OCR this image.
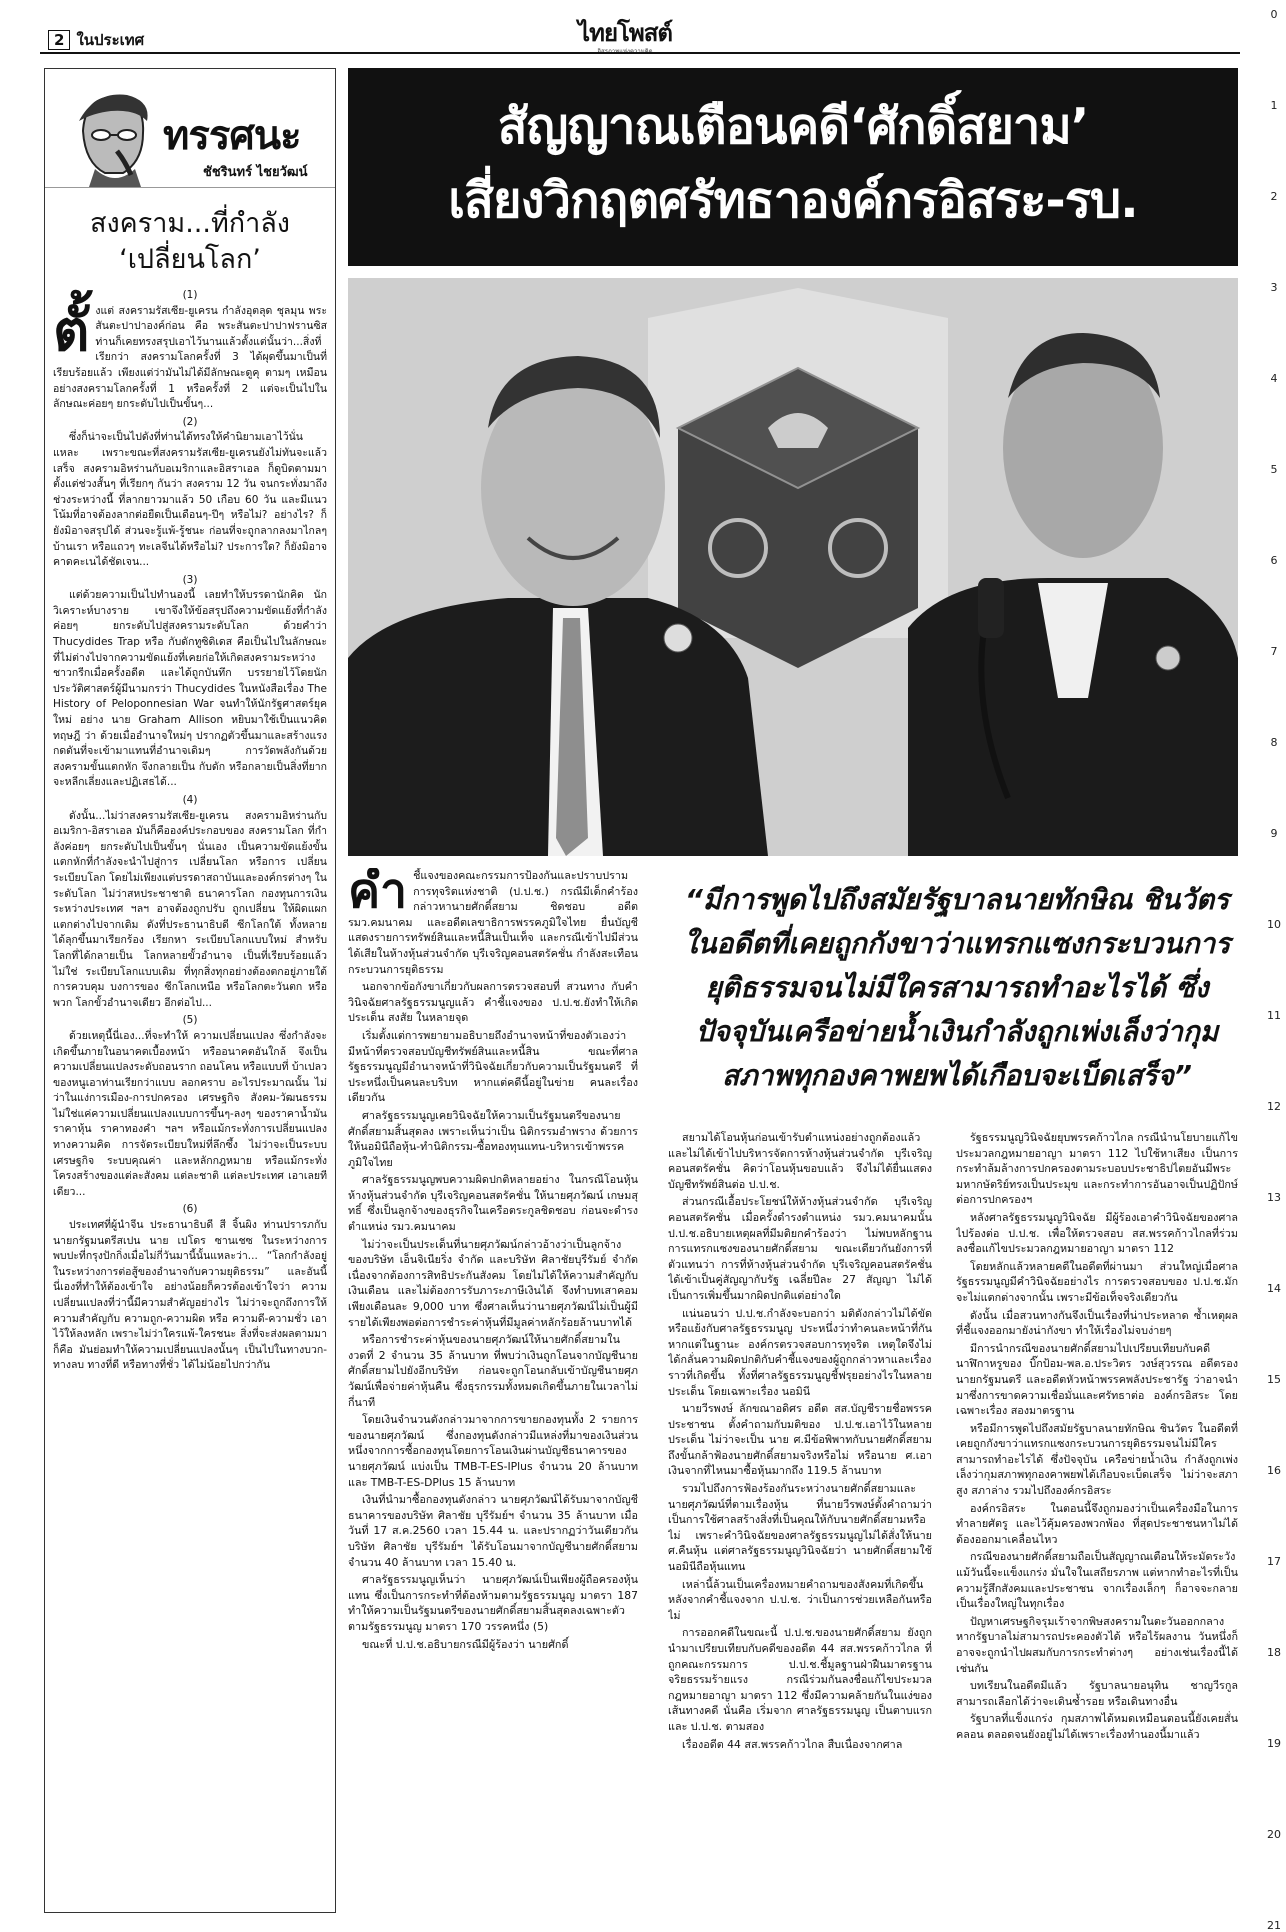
2 ในประเทศ	ไทยโพสต์
0
1
2
3
4
5
6
7
8
9
10
11
12
13
14
15
16
17
18
19
20
21
ทรรศนะ
ชัชรินทร์ ไชยวัฒน์
สงคราม...ที่กำลัง
‘เปลี่ยนโลก’
(1)

ตั้งแต่ สงครามรัสเซีย-ยูเครน กำลังอุตลุด ชุลมุน พระสันตะปาปาองค์ก่อน คือ พระสันตะปาปาฟรานซิส ท่านก็เคยทรงสรุปเอาไว้นานแล้วตั้งแต่นั้นว่า...สิ่งที่เรียกว่า สงครามโลกครั้งที่ 3 ได้ผุดขึ้นมาเป็นที่เรียบร้อยแล้ว เพียงแต่ว่ามันไม่ได้มีลักษณะดูคุ ตามๆ เหมือนอย่างสงครามโลกครั้งที่ 1 หรือครั้งที่ 2 แต่จะเป็นไปในลักษณะค่อยๆ ยกระดับไปเป็นขั้นๆ...

(2)

ซึ่งก็น่าจะเป็นไปดังที่ท่านได้ทรงให้คำนิยามเอาไว้นั่นแหละ เพราะขณะที่สงครามรัสเซีย-ยูเครนยังไม่ทันจะแล้วเสร็จ สงครามอิหร่านกับอเมริกาและอิสราเอล ก็ดูบิดตามมา ตั้งแต่ช่วงสั้นๆ ที่เรียกๆ กันว่า สงคราม 12 วัน จนกระทั่งมาถึงช่วงระหว่างนี้ ที่ลากยาวมาแล้ว 50 เกือบ 60 วัน และมีแนวโน้มที่อาจต้องลากต่อยืดเป็นเดือนๆ-ปีๆ หรือไม่? อย่างไร? ก็ยังมิอาจสรุปได้ ส่วนจะรู้แพ้-รู้ชนะ ก่อนที่จะถูกลากลงมาไกลๆ บ้านเรา หรือแถวๆ ทะเลจีนได้หรือไม่? ประการใด? ก็ยังมิอาจคาดคะเนได้ชัดเจน...

(3)

แต่ด้วยความเป็นไปทำนองนี้ เลยทำให้บรรดานักคิด นักวิเคราะห์บางราย เขาจึงให้ข้อสรุปถึงความขัดแย้งที่กำลังค่อยๆ ยกระดับไปสู่สงครามระดับโลก ด้วยคำว่า Thucydides Trap หรือ กับดักทูซิดิเดส คือเป็นไปในลักษณะที่ไม่ต่างไปจากความขัดแย้งที่เคยก่อให้เกิดสงครามระหว่างชาวกรีกเมื่อครั้งอดีต และได้ถูกบันทึก บรรยายไว้โดยนักประวัติศาสตร์ผู้มีนามกรว่า Thucydides ในหนังสือเรื่อง The History of Peloponnesian War จนทำให้นักรัฐศาสตร์ยุคใหม่ อย่าง นาย Graham Allison หยิบมาใช้เป็นแนวคิด ทฤษฎี ว่า ด้วยเมื่ออำนาจใหม่ๆ ปรากฏตัวขึ้นมาและสร้างแรงกดดันที่จะเข้ามาแทนที่อำนาจเดิมๆ การวัดพลังกันด้วย สงครามขั้นแตกหัก จึงกลายเป็น กับดัก หรือกลายเป็นสิ่งที่ยากจะหลีกเลี่ยงและปฏิเสธได้...

(4)

ดังนั้น...ไม่ว่าสงครามรัสเซีย-ยูเครน สงครามอิหร่านกับอเมริกา-อิสราเอล มันก็คือองค์ประกอบของ สงครามโลก ที่กำลังค่อยๆ ยกระดับไปเป็นขั้นๆ นั่นเอง เป็นความขัดแย้งขั้นแตกหักที่กำลังจะนำไปสู่การ เปลี่ยนโลก หรือการ เปลี่ยนระเบียบโลก โดยไม่เพียงแต่บรรดาสถาบันและองค์กรต่างๆ ในระดับโลก ไม่ว่าสหประชาชาติ ธนาคารโลก กองทุนการเงินระหว่างประเทศ ฯลฯ อาจต้องถูกปรับ ถูกเปลี่ยน ให้ผิดแผก แตกต่างไปจากเดิม ดังที่ประธานาธิบดี ซีกโลกใต้ ทั้งหลาย ได้ลุกขึ้นมาเรียกร้อง เรียกหา ระเบียบโลกแบบใหม่ สำหรับโลกที่ได้กลายเป็น โลกหลายขั้วอำนาจ เป็นที่เรียบร้อยแล้ว ไม่ใช่ ระเบียบโลกแบบเดิม ที่ทุกสิ่งทุกอย่างต้องตกอยู่ภายใต้การควบคุม บงการของ ซีกโลกเหนือ หรือโลกตะวันตก หรือพวก โลกขั้วอำนาจเดียว อีกต่อไป...

(5)

ด้วยเหตุนี้นี่เอง...ที่จะทำให้ ความเปลี่ยนแปลง ซึ่งกำลังจะเกิดขึ้นภายในอนาคตเบื้องหน้า หรืออนาคตอันใกล้ จึงเป็นความเปลี่ยนแปลงระดับถอนราก ถอนโคน หรือแบบที่ บ้าเปลว ของหนูเอาท่านเรียกว่าแบบ ลอกคราบ อะไรประมาณนั้น ไม่ว่าในแง่การเมือง-การปกครอง เศรษฐกิจ สังคม-วัฒนธรรม ไม่ใช่แค่ความเปลี่ยนแปลงแบบการขึ้นๆ-ลงๆ ของราคาน้ำมัน ราคาหุ้น ราคาทองคำ ฯลฯ หรือแม้กระทั่งการเปลี่ยนแปลงทางความคิด การจัดระเบียบใหม่ที่ลึกซึ้ง ไม่ว่าจะเป็นระบบเศรษฐกิจ ระบบคุณค่า และหลักกฎหมาย หรือแม้กระทั่งโครงสร้างของแต่ละสังคม แต่ละชาติ แต่ละประเทศ เอาเลยทีเดียว...

(6)

ประเทศที่ผู้นำจีน ประธานาธิบดี สี จิ้นผิง ท่านปรารภกับนายกรัฐมนตรีสเปน นาย เปโดร ซานเชซ ในระหว่างการพบปะที่กรุงปักกิ่งเมื่อไม่กี่วันมานี้นั้นแหละว่า... “โลกกำลังอยู่ในระหว่างการต่อสู้ของอำนาจกับความยุติธรรม” และอันนี้นี่เองที่ทำให้ต้องเข้าใจ อย่างน้อยก็ควรต้องเข้าใจว่า ความเปลี่ยนแปลงที่ว่านี้มีความสำคัญอย่างไร ไม่ว่าจะถูกถึงการให้ความสำคัญกับ ความถูก-ความผิด หรือ ความดี-ความชั่ว เอาไว้ให้ลงหลัก เพราะไม่ว่าใครแพ้-ใครชนะ สิ่งที่จะส่งผลตามมาก็คือ มันย่อมทำให้ความเปลี่ยนแปลงนั้นๆ เป็นไปในทางบวก-ทางลบ ทางที่ดี หรือทางที่ชั่ว ได้ไม่น้อยไปกว่ากัน

สัญญาณเตือนคดี‘ศักดิ์สยาม’
เสี่ยงวิกฤตศรัทธาองค์กรอิสระ-รบ.
“มีการพูดไปถึงสมัยรัฐบาลนายทักษิณ ชินวัตร ในอดีตที่เคยถูกกังขาว่าแทรกแซงกระบวนการยุติธรรมจนไม่มีใครสามารถทำอะไรได้ ซึ่งปัจจุบันเครือข่ายน้ำเงินกำลังถูกเพ่งเล็งว่ากุมสภาพทุกองคาพยพได้เกือบจะเบ็ดเสร็จ”
คำ ชี้แจงของคณะกรรมการป้องกันและปราบปรามการทุจริตแห่งชาติ (ป.ป.ช.) กรณีมีเด็กคำร้องกล่าวหานายศักดิ์สยาม ชิดชอบ อดีต รมว.คมนาคม และอดีตเลขาธิการพรรคภูมิใจไทย ยื่นบัญชีแสดงรายการทรัพย์สินและหนี้สินเป็นเท็จ และกรณีเข้าไปมีส่วนได้เสียในห้างหุ้นส่วนจำกัด บุรีเจริญคอนสตรัคชั่น กำลังสะเทือนกระบวนการยุติธรรม

นอกจากข้อกังขาเกี่ยวกับผลการตรวจสอบที่ สวนทาง กับคำวินิจฉัยศาลรัฐธรรมนูญแล้ว คำชี้แจงของ ป.ป.ช.ยังทำให้เกิดประเด็น สงสัย ในหลายจุด

เริ่มตั้งแต่การพยายามอธิบายถึงอำนาจหน้าที่ของตัวเองว่า มีหน้าที่ตรวจสอบบัญชีทรัพย์สินและหนี้สิน ขณะที่ศาลรัฐธรรมนูญมีอำนาจหน้าที่วินิจฉัยเกี่ยวกับความเป็นรัฐมนตรี ที่ประหนึ่งเป็นคนละบริบท หากแต่คดีนี้อยู่ในข่าย คนละเรื่องเดียวกัน

ศาลรัฐธรรมนูญเคยวินิจฉัยให้ความเป็นรัฐมนตรีของนายศักดิ์สยามสิ้นสุดลง เพราะเห็นว่าเป็น นิติกรรมอำพราง ด้วยการให้นอมินีถือหุ้น-ทำนิติกรรม-ซื้อทองทุนแทน-บริหารเข้าพรรคภูมิใจไทย

ศาลรัฐธรรมนูญพบความผิดปกติหลายอย่าง ในกรณีโอนหุ้นห้างหุ้นส่วนจำกัด บุรีเจริญคอนสตรัคชั่น ให้นายศุภวัฒน์ เกษมสุทธิ์ ซึ่งเป็นลูกจ้างของธุรกิจในเครือตระกูลชิดชอบ ก่อนจะดำรงตำแหน่ง รมว.คมนาคม

ไม่ว่าจะเป็นประเด็นที่นายศุภวัฒน์กล่าวอ้างว่าเป็นลูกจ้างของบริษัท เอ็นจิเนียริ่ง จำกัด และบริษัท ศิลาชัยบุรีรัมย์ จำกัด เนื่องจากต้องการสิทธิประกันสังคม โดยไม่ได้ให้ความสำคัญกับเงินเดือน และไม่ต้องการรับภาระภาษีเงินได้ จึงทำบทเสาคอมเพียงเดือนละ 9,000 บาท ซึ่งศาลเห็นว่านายศุภวัฒน์ไม่เป็นผู้มีรายได้เพียงพอต่อการชำระค่าหุ้นที่มีมูลค่าหลักร้อยล้านบาทได้

หรือการชำระค่าหุ้นของนายศุภวัฒน์ให้นายศักดิ์สยามในงวดที่ 2 จำนวน 35 ล้านบาท ที่พบว่าเงินถูกโอนจากบัญชีนายศักดิ์สยามไปยังอีกบริษัท ก่อนจะถูกโอนกลับเข้าบัญชีนายศุภวัฒน์เพื่อจ่ายค่าหุ้นคืน ซึ่งธุรกรรมทั้งหมดเกิดขึ้นภายในเวลาไม่กี่นาที

โดยเงินจำนวนดังกล่าวมาจากการขายกองทุนทั้ง 2 รายการของนายศุภวัฒน์ ซึ่งกองทุนดังกล่าวมีแหล่งที่มาของเงินส่วนหนึ่งจากการซื้อกองทุนโดยการโอนเงินผ่านบัญชีธนาคารของนายศุภวัฒน์ แบ่งเป็น TMB-T-ES-IPlus จำนวน 20 ล้านบาท และ TMB-T-ES-DPlus 15 ล้านบาท

เงินที่นำมาซื้อกองทุนดังกล่าว นายศุภวัฒน์ได้รับมาจากบัญชีธนาคารของบริษัท ศิลาชัย บุรีรัมย์ฯ จำนวน 35 ล้านบาท เมื่อวันที่ 17 ส.ค.2560 เวลา 15.44 น. และปรากฏว่าวันเดียวกัน บริษัท ศิลาชัย บุรีรัมย์ฯ ได้รับโอนมาจากบัญชีนายศักดิ์สยาม จำนวน 40 ล้านบาท เวลา 15.40 น.

ศาลรัฐธรรมนูญเห็นว่า นายศุภวัฒน์เป็นเพียงผู้ถือครองหุ้นแทน ซึ่งเป็นการกระทำที่ต้องห้ามตามรัฐธรรมนูญ มาตรา 187 ทำให้ความเป็นรัฐมนตรีของนายศักดิ์สยามสิ้นสุดลงเฉพาะตัว ตามรัฐธรรมนูญ มาตรา 170 วรรคหนึ่ง (5)

ขณะที่ ป.ป.ช.อธิบายกรณีมีผู้ร้องว่า นายศักดิ์

สยามได้โอนหุ้นก่อนเข้ารับตำแหน่งอย่างถูกต้องแล้ว และไม่ได้เข้าไปบริหารจัดการห้างหุ้นส่วนจำกัด บุรีเจริญคอนสตรัคชั่น คิดว่าโอนหุ้นขอบแล้ว จึงไม่ได้ยื่นแสดงบัญชีทรัพย์สินต่อ ป.ป.ช.

ส่วนกรณีเอื้อประโยชน์ให้ห้างหุ้นส่วนจำกัด บุรีเจริญคอนสตรัคชั่น เมื่อครั้งดำรงตำแหน่ง รมว.คมนาคมนั้น ป.ป.ช.อธิบายเหตุผลที่มีมติยกคำร้องว่า ไม่พบหลักฐานการแทรกแซงของนายศักดิ์สยาม ขณะเดียวกันยังการที่ตัวแทนว่า การที่ห้างหุ้นส่วนจำกัด บุรีเจริญคอนสตรัคชั่น ได้เข้าเป็นคู่สัญญากับรัฐ เฉลี่ยปีละ 27 สัญญา ไม่ได้เป็นการเพิ่มขึ้นมากผิดปกติแต่อย่างใด

แน่นอนว่า ป.ป.ช.กำลังจะบอกว่า มติดังกล่าวไม่ได้ขัดหรือแย้งกับศาลรัฐธรรมนูญ ประหนึ่งว่าทำคนละหน้าที่กัน หากแต่ในฐานะ องค์กรตรวจสอบการทุจริต เหตุใดจึงไม่ได้กลั่นความผิดปกติกับคำชี้แจงของผู้ถูกกล่าวหาและเรื่องราวที่เกิดขึ้น ทั้งที่ศาลรัฐธรรมนูญชี้ฟรุยอย่างไรในหลายประเด็น โดยเฉพาะเรื่อง นอมินี

นายวีรพงษ์ ลักขณาอดิศร อดีต สส.บัญชีรายชื่อพรรคประชาชน ตั้งคำถามกับมติของ ป.ป.ช.เอาไว้ในหลายประเด็น ไม่ว่าจะเป็น นาย ศ.มีข้อพิพาทกับนายศักดิ์สยามถึงขั้นกล้าฟ้องนายศักดิ์สยามจริงหรือไม่ หรือนาย ศ.เอาเงินจากที่ไหนมาซื้อหุ้นมากถึง 119.5 ล้านบาท

รวมไปถึงการฟ้องร้องกันระหว่างนายศักดิ์สยามและนายศุภวัฒน์ที่ตามเรื่องหุ้น ที่นายวีรพงษ์ตั้งคำถามว่า เป็นการใช้ศาลสร้างสิ่งที่เป็นคุณให้กับนายศักดิ์สยามหรือไม่ เพราะคำวินิจฉัยของศาลรัฐธรรมนูญไม่ได้สั่งให้นาย ศ.คืนหุ้น แต่ศาลรัฐธรรมนูญวินิจฉัยว่า นายศักดิ์สยามใช้นอมินีถือหุ้นแทน

เหล่านี้ล้วนเป็นเครื่องหมายคำถามของสังคมที่เกิดขึ้นหลังจากคำชี้แจงจาก ป.ป.ช. ว่าเป็นการช่วยเหลือกันหรือไม่

การออกคดีในขณะนี้ ป.ป.ช.ของนายศักดิ์สยาม ยังถูกนำมาเปรียบเทียบกับคดีของอดีต 44 สส.พรรคก้าวไกล ที่ถูกคณะกรรมการ ป.ป.ช.ชี้มูลฐานฝ่าฝืนมาตรฐานจริยธรรมร้ายแรง กรณีร่วมกันลงชื่อแก้ไขประมวลกฎหมายอาญา มาตรา 112 ซึ่งมีความคล้ายกันในแง่ของเส้นทางคดี นั่นคือ เริ่มจาก ศาลรัฐธรรมนูญ เป็นตาบแรก และ ป.ป.ช. ตามสอง

เรื่องอดีต 44 สส.พรรคก้าวไกล สืบเนื่องจากศาล

รัฐธรรมนูญวินิจฉัยยุบพรรคก้าวไกล กรณีนำนโยบายแก้ไขประมวลกฎหมายอาญา มาตรา 112 ไปใช้หาเสียง เป็นการกระทำล้มล้างการปกครองตามระบอบประชาธิปไตยอันมีพระมหากษัตริย์ทรงเป็นประมุข และกระทำการอันอาจเป็นปฏิปักษ์ต่อการปกครองฯ

หลังศาลรัฐธรรมนูญวินิจฉัย มีผู้ร้องเอาคำวินิจฉัยของศาลไปร้องต่อ ป.ป.ช. เพื่อให้ตรวจสอบ สส.พรรคก้าวไกลที่ร่วมลงชื่อแก้ไขประมวลกฎหมายอาญา มาตรา 112

โดยหลักแล้วหลายคดีในอดีตที่ผ่านมา ส่วนใหญ่เมื่อศาลรัฐธรรมนูญมีคำวินิจฉัยอย่างไร การตรวจสอบของ ป.ป.ช.มักจะไม่แตกต่างจากนั้น เพราะมีข้อเท็จจริงเดียวกัน

ดังนั้น เมื่อสวนทางกันจึงเป็นเรื่องที่น่าประหลาด ซ้ำเหตุผลที่ชี้แจงออกมายังน่ากังขา ทำให้เรื่องไม่จบง่ายๆ

มีการนำกรณีของนายศักดิ์สยามไปเปรียบเทียบกับคดีนาฬิกาหรูของ บิ๊กป้อม-พล.อ.ประวิตร วงษ์สุวรรณ อดีตรองนายกรัฐมนตรี และอดีตหัวหน้าพรรคพลังประชารัฐ ว่าอาจนำมาซึ่งการขาดความเชื่อมั่นและศรัทธาต่อ องค์กรอิสระ โดยเฉพาะเรื่อง สองมาตรฐาน

หรือมีการพูดไปถึงสมัยรัฐบาลนายทักษิณ ชินวัตร ในอดีตที่เคยถูกกังขาว่าแทรกแซงกระบวนการยุติธรรมจนไม่มีใครสามารถทำอะไรได้ ซึ่งปัจจุบัน เครือข่ายน้ำเงิน กำลังถูกเพ่งเล็งว่ากุมสภาพทุกองคาพยพได้เกือบจะเบ็ดเสร็จ ไม่ว่าจะสภาสูง สภาล่าง รวมไปถึงองค์กรอิสระ

องค์กรอิสระ ในตอนนี้จึงถูกมองว่าเป็นเครื่องมือในการทำลายศัตรู และไว้คุ้มครองพวกพ้อง ที่สุดประชาชนหาไม่ได้ ต้องออกมาเคลื่อนไหว

กรณีของนายศักดิ์สยามถือเป็นสัญญาณเตือนให้ระมัดระวัง แม้วันนี้จะแข็งแกร่ง มั่นใจในเสถียรภาพ แต่หากทำอะไรที่เป็นความรู้สึกสังคมและประชาชน จากเรื่องเล็กๆ ก็อาจจะกลายเป็นเรื่องใหญ่ในทุกเรื่อง

ปัญหาเศรษฐกิจรุมเร้าจากพิษสงครามในตะวันออกกลาง หากรัฐบาลไม่สามารถประคองตัวได้ หรือไร้ผลงาน วันหนึ่งก็อาจจะถูกนำไปผสมกับการกระทำต่างๆ อย่างเช่นเรื่องนี้ได้เช่นกัน

บทเรียนในอดีตมีแล้ว รัฐบาลนายอนุทิน ชาญวีรกูล สามารถเลือกได้ว่าจะเดินซ้ำรอย หรือเดินทางอื่น

รัฐบาลที่แข็งแกร่ง กุมสภาพได้หมดเหมือนตอนนี้ยังเคยสั่นคลอน ตลอดจนยังอยู่ไม่ได้เพราะเรื่องทำนองนี้มาแล้ว
